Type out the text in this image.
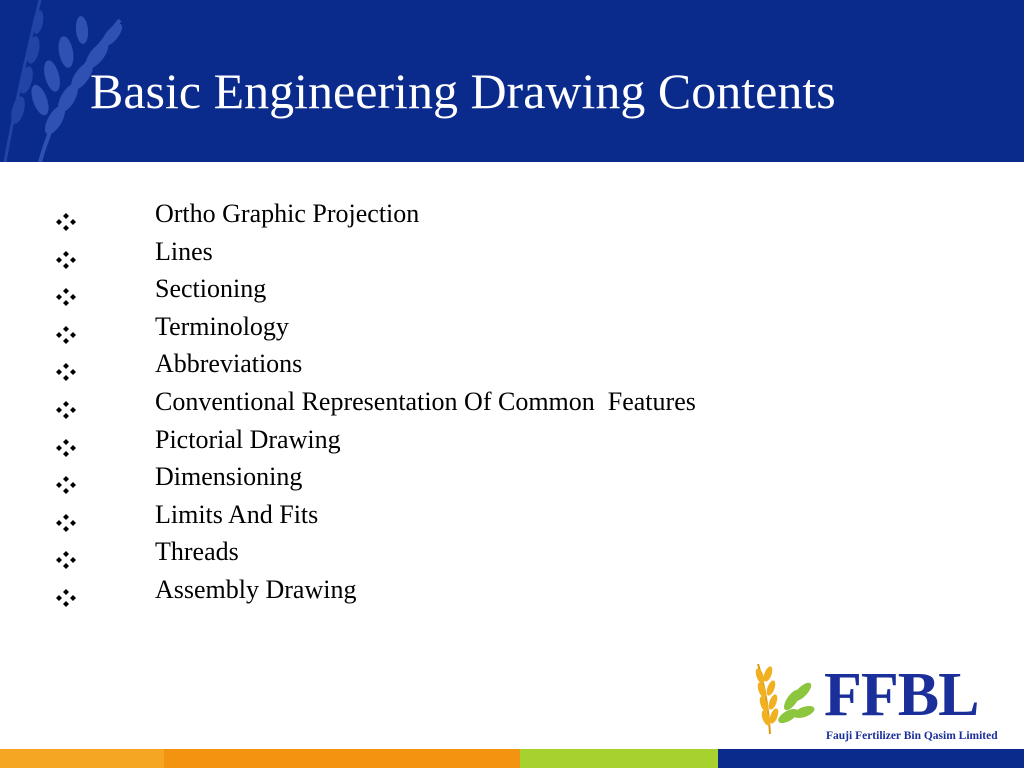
Basic Engineering Drawing Contents
Ortho Graphic Projection
Lines
Sectioning
Terminology
Abbreviations
Conventional Representation Of Common  Features
Pictorial Drawing
Dimensioning
Limits And Fits
Threads
Assembly Drawing
FFBL
Fauji Fertilizer Bin Qasim Limited
